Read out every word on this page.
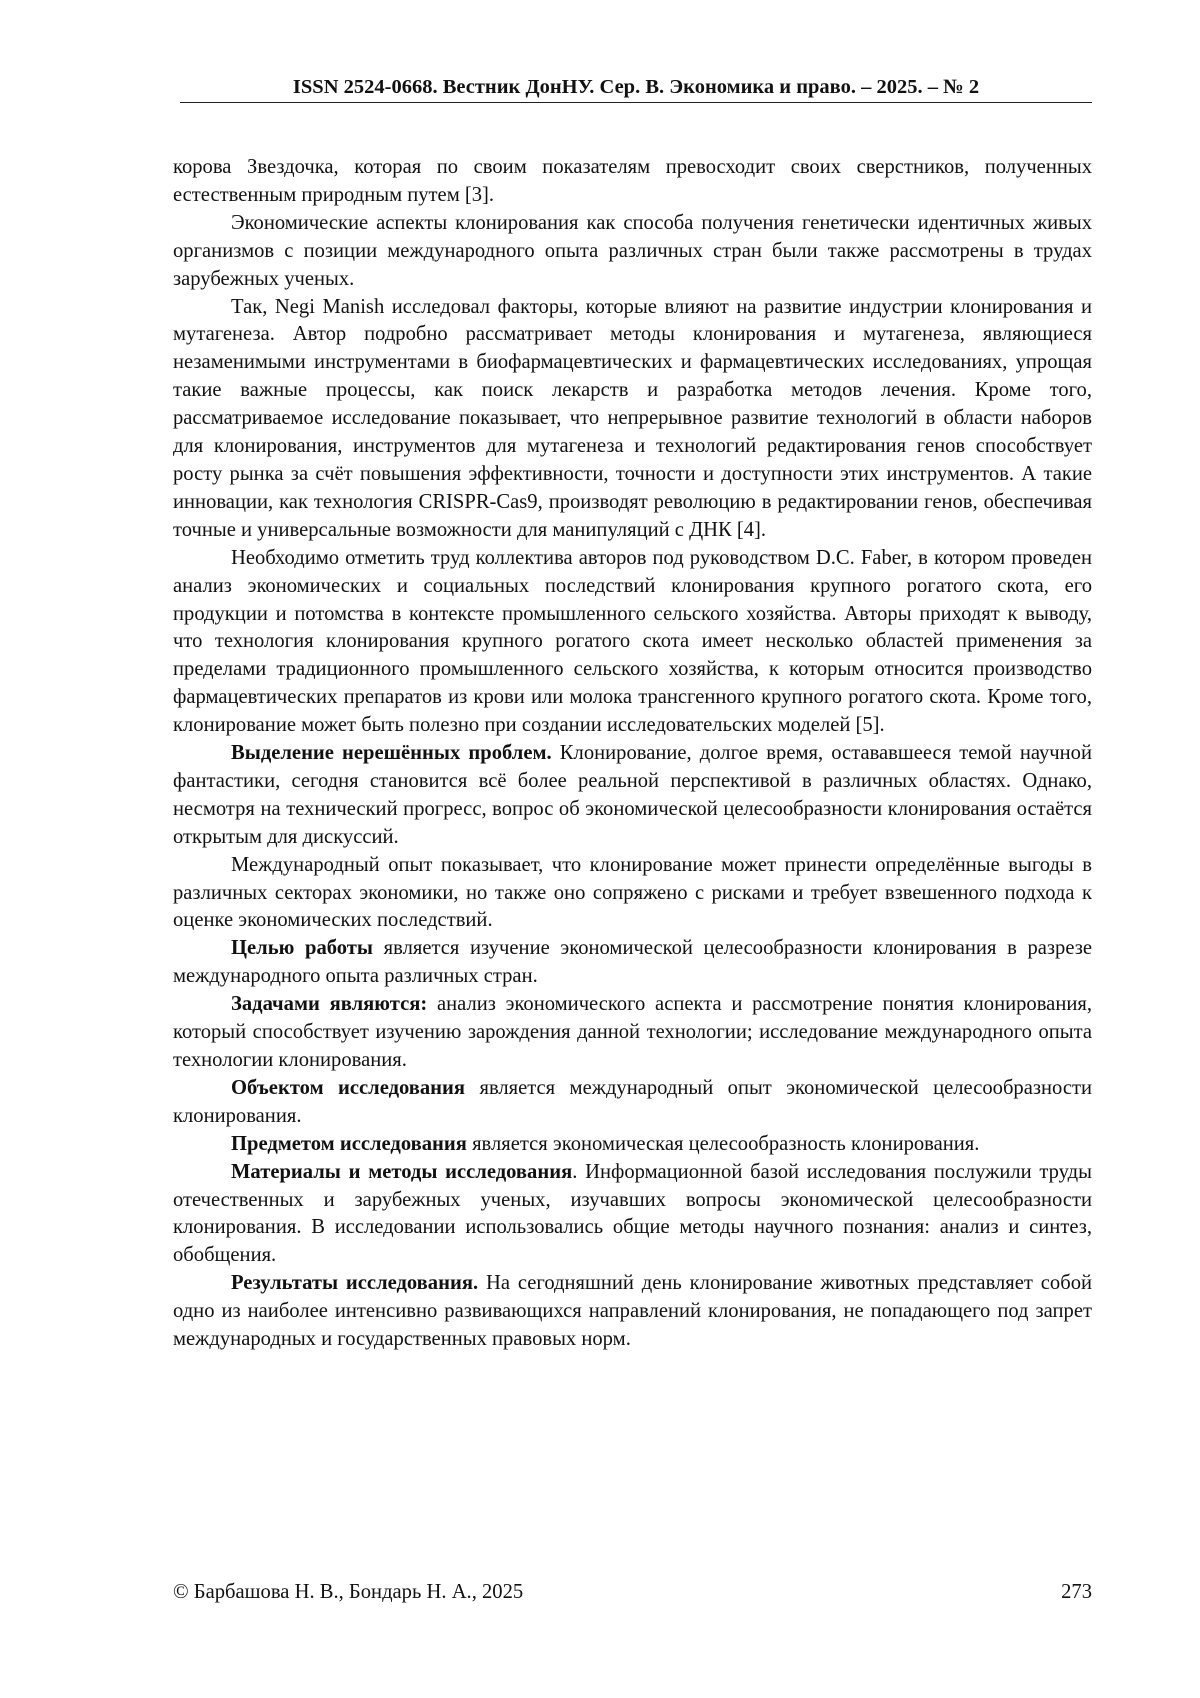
ISSN 2524-0668. Вестник ДонНУ. Сер. В. Экономика и право. – 2025. – № 2

корова Звездочка, которая по своим показателям превосходит своих сверстников, полученных естественным природным путем [3].

Экономические аспекты клонирования как способа получения генетически идентичных живых организмов с позиции международного опыта различных стран были также рассмотрены в трудах зарубежных ученых.

Так, Negi Manish исследовал факторы, которые влияют на развитие индустрии клонирования и мутагенеза. Автор подробно рассматривает методы клонирования и мутагенеза, являющиеся незаменимыми инструментами в биофармацевтических и фармацевтических исследованиях, упрощая такие важные процессы, как поиск лекарств и разработка методов лечения. Кроме того, рассматриваемое исследование показывает, что непрерывное развитие технологий в области наборов для клонирования, инструментов для мутагенеза и технологий редактирования генов способствует росту рынка за счёт повышения эффективности, точности и доступности этих инструментов. А такие инновации, как технология CRISPR-Cas9, производят революцию в редактировании генов, обеспечивая точные и универсальные возможности для манипуляций с ДНК [4].

Необходимо отметить труд коллектива авторов под руководством D.C. Faber, в котором проведен анализ экономических и социальных последствий клонирования крупного рогатого скота, его продукции и потомства в контексте промышленного сельского хозяйства. Авторы приходят к выводу, что технология клонирования крупного рогатого скота имеет несколько областей применения за пределами традиционного промышленного сельского хозяйства, к которым относится производство фармацевтических препаратов из крови или молока трансгенного крупного рогатого скота. Кроме того, клонирование может быть полезно при создании исследовательских моделей [5].

Выделение нерешённых проблем. Клонирование, долгое время, остававшееся темой научной фантастики, сегодня становится всё более реальной перспективой в различных областях. Однако, несмотря на технический прогресс, вопрос об экономической целесообразности клонирования остаётся открытым для дискуссий.

Международный опыт показывает, что клонирование может принести определённые выгоды в различных секторах экономики, но также оно сопряжено с рисками и требует взвешенного подхода к оценке экономических последствий.

Целью работы является изучение экономической целесообразности клонирования в разрезе международного опыта различных стран.

Задачами являются: анализ экономического аспекта и рассмотрение понятия клонирования, который способствует изучению зарождения данной технологии; исследование международного опыта технологии клонирования.

Объектом исследования является международный опыт экономической целесообразности клонирования.

Предметом исследования является экономическая целесообразность клонирования.

Материалы и методы исследования. Информационной базой исследования послужили труды отечественных и зарубежных ученых, изучавших вопросы экономической целесообразности клонирования. В исследовании использовались общие методы научного познания: анализ и синтез, обобщения.

Результаты исследования. На сегодняшний день клонирование животных представляет собой одно из наиболее интенсивно развивающихся направлений клонирования, не попадающего под запрет международных и государственных правовых норм.

© Барбашова Н. В., Бондарь Н. А., 2025	273
